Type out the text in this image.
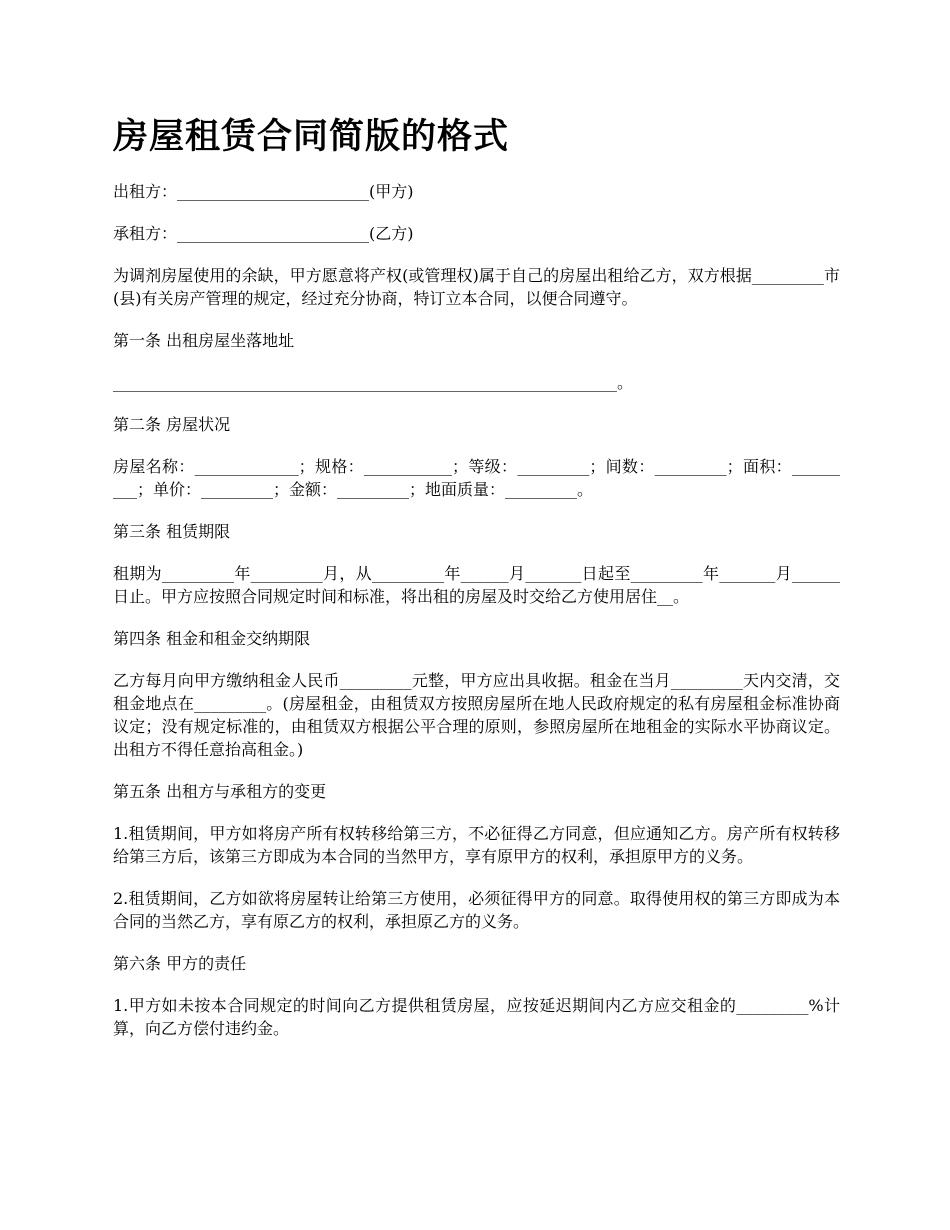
房屋租赁合同简版的格式

出租方：________________________(甲方)

承租方：________________________(乙方)

为调剂房屋使用的余缺，甲方愿意将产权(或管理权)属于自己的房屋出租给乙方，双方根据_________市(县)有关房产管理的规定，经过充分协商，特订立本合同，以便合同遵守。

第一条 出租房屋坐落地址

_______________________________________________________________。

第二条 房屋状况

房屋名称：_____________；规格：___________；等级：_________；间数：_________；面积：_________；单价：_________；金额：_________；地面质量：_________。

第三条 租赁期限

租期为_________年_________月，从_________年______月_______日起至_________年_______月______日止。甲方应按照合同规定时间和标准，将出租的房屋及时交给乙方使用居住__。

第四条 租金和租金交纳期限

乙方每月向甲方缴纳租金人民币_________元整，甲方应出具收据。租金在当月_________天内交清，交租金地点在_________。(房屋租金，由租赁双方按照房屋所在地人民政府规定的私有房屋租金标准协商议定；没有规定标准的，由租赁双方根据公平合理的原则，参照房屋所在地租金的实际水平协商议定。出租方不得任意抬高租金。)

第五条 出租方与承租方的变更

1.租赁期间，甲方如将房产所有权转移给第三方，不必征得乙方同意，但应通知乙方。房产所有权转移给第三方后，该第三方即成为本合同的当然甲方，享有原甲方的权利，承担原甲方的义务。

2.租赁期间，乙方如欲将房屋转让给第三方使用，必须征得甲方的同意。取得使用权的第三方即成为本合同的当然乙方，享有原乙方的权利，承担原乙方的义务。

第六条 甲方的责任

1.甲方如未按本合同规定的时间向乙方提供租赁房屋，应按延迟期间内乙方应交租金的_________%计算，向乙方偿付违约金。
